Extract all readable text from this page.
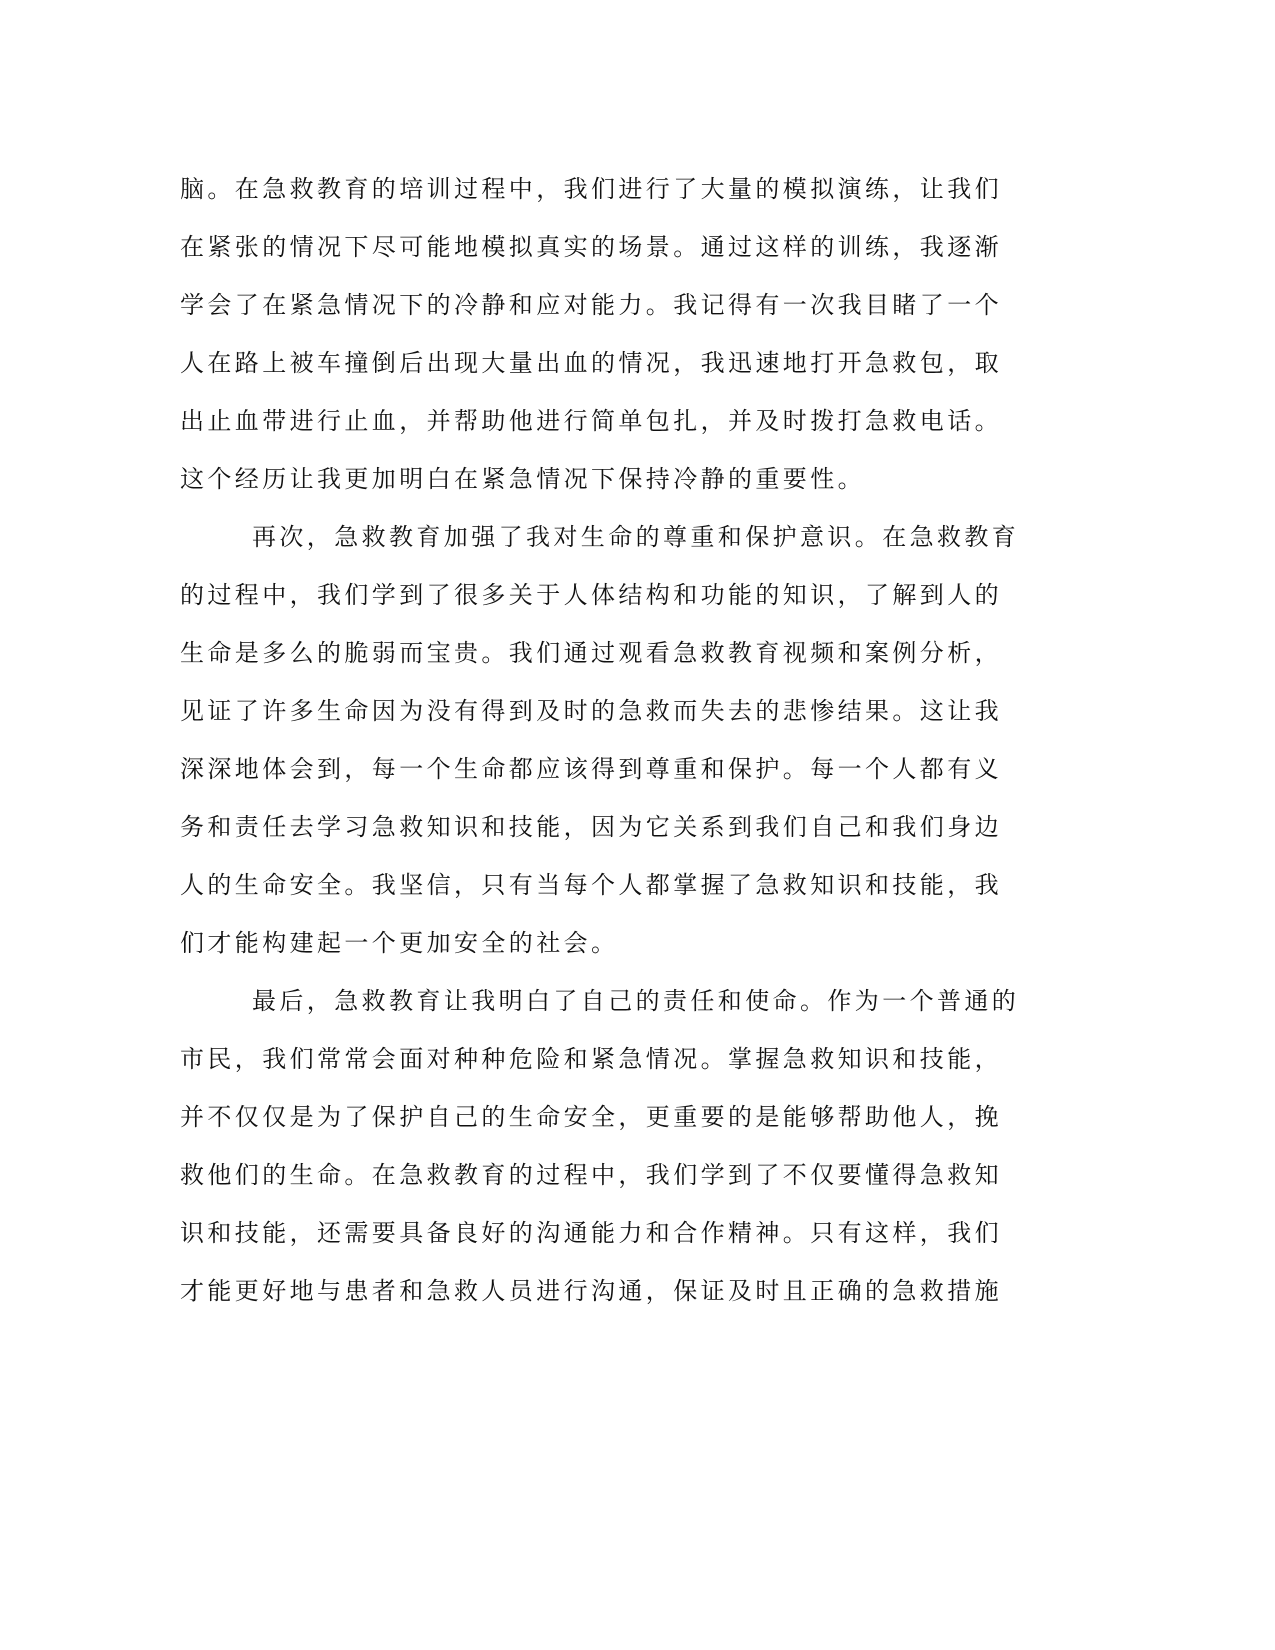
脑。在急救教育的培训过程中，我们进行了大量的模拟演练，让我们
在紧张的情况下尽可能地模拟真实的场景。通过这样的训练，我逐渐
学会了在紧急情况下的冷静和应对能力。我记得有一次我目睹了一个
人在路上被车撞倒后出现大量出血的情况，我迅速地打开急救包，取
出止血带进行止血，并帮助他进行简单包扎，并及时拨打急救电话。
这个经历让我更加明白在紧急情况下保持冷静的重要性。
再次，急救教育加强了我对生命的尊重和保护意识。在急救教育
的过程中，我们学到了很多关于人体结构和功能的知识，了解到人的
生命是多么的脆弱而宝贵。我们通过观看急救教育视频和案例分析，
见证了许多生命因为没有得到及时的急救而失去的悲惨结果。这让我
深深地体会到，每一个生命都应该得到尊重和保护。每一个人都有义
务和责任去学习急救知识和技能，因为它关系到我们自己和我们身边
人的生命安全。我坚信，只有当每个人都掌握了急救知识和技能，我
们才能构建起一个更加安全的社会。
最后，急救教育让我明白了自己的责任和使命。作为一个普通的
市民，我们常常会面对种种危险和紧急情况。掌握急救知识和技能，
并不仅仅是为了保护自己的生命安全，更重要的是能够帮助他人，挽
救他们的生命。在急救教育的过程中，我们学到了不仅要懂得急救知
识和技能，还需要具备良好的沟通能力和合作精神。只有这样，我们
才能更好地与患者和急救人员进行沟通，保证及时且正确的急救措施
